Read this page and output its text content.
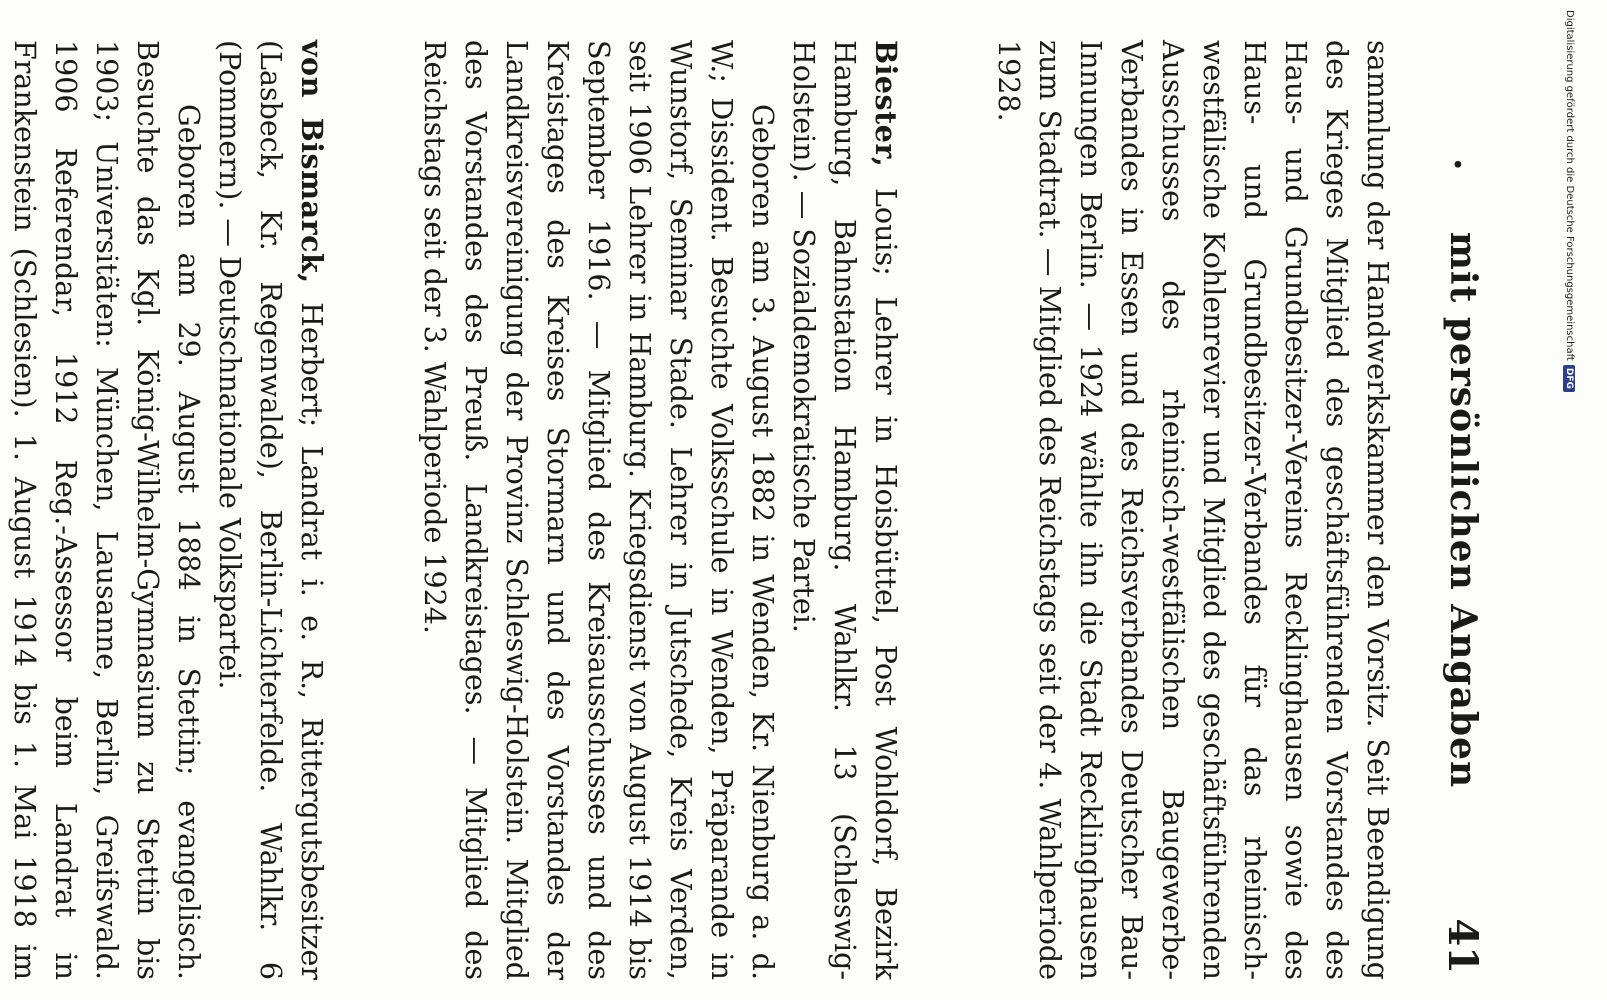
.
mit persönlichen Angaben
41

sammlung der Handwerkskammer den Vorsitz. Seit Beendigung des Krieges Mitglied des geschäftsführenden Vorstandes des Haus- und Grundbesitzer-Vereins Recklinghausen sowie des Haus- und Grundbesitzer-Verbandes für das rheinisch-westfälische Kohlenrevier und Mitglied des geschäftsführenden Ausschusses des rheinisch-westfälischen Baugewerbe-Verbandes in Essen und des Reichsverbandes Deutscher Bau-Innungen Berlin. — 1924 wählte ihn die Stadt Recklinghausen zum Stadtrat. — Mitglied des Reichstags seit der 4. Wahlperiode 1928.

Biester, Louis; Lehrer in Hoisbüttel, Post Wohldorf, Bezirk Hamburg, Bahnstation Hamburg. Wahlkr. 13 (Schleswig-Holstein). — Sozialdemokratische Partei.

Geboren am 3. August 1882 in Wenden, Kr. Nienburg a. d. W.; Dissident. Besuchte Volksschule in Wenden, Präparande in Wunstorf, Seminar Stade. Lehrer in Jutschede, Kreis Verden, seit 1906 Lehrer in Hamburg. Kriegsdienst von August 1914 bis September 1916. — Mitglied des Kreisausschusses und des Kreistages des Kreises Stormarn und des Vorstandes der Landkreisvereinigung der Provinz Schleswig-Holstein. Mitglied des Vorstandes des Preuß. Landkreistages. — Mitglied des Reichstags seit der 3. Wahlperiode 1924.

von Bismarck, Herbert; Landrat i. e. R., Rittergutsbesitzer (Lasbeck, Kr. Regenwalde), Berlin-Lichterfelde. Wahlkr. 6 (Pommern). — Deutschnationale Volkspartei.

Geboren am 29. August 1884 in Stettin; evangelisch. Besuchte das Kgl. König-Wilhelm-Gymnasium zu Stettin bis 1903; Universitäten: München, Lausanne, Berlin, Greifswald. 1906 Referendar, 1912 Reg.-Assessor beim Landrat in Frankenstein (Schlesien). 1. August 1914 bis 1. Mai 1918 im

Digitalisierung gefördert durch die Deutsche ForschungsgemeinschaftDFG
